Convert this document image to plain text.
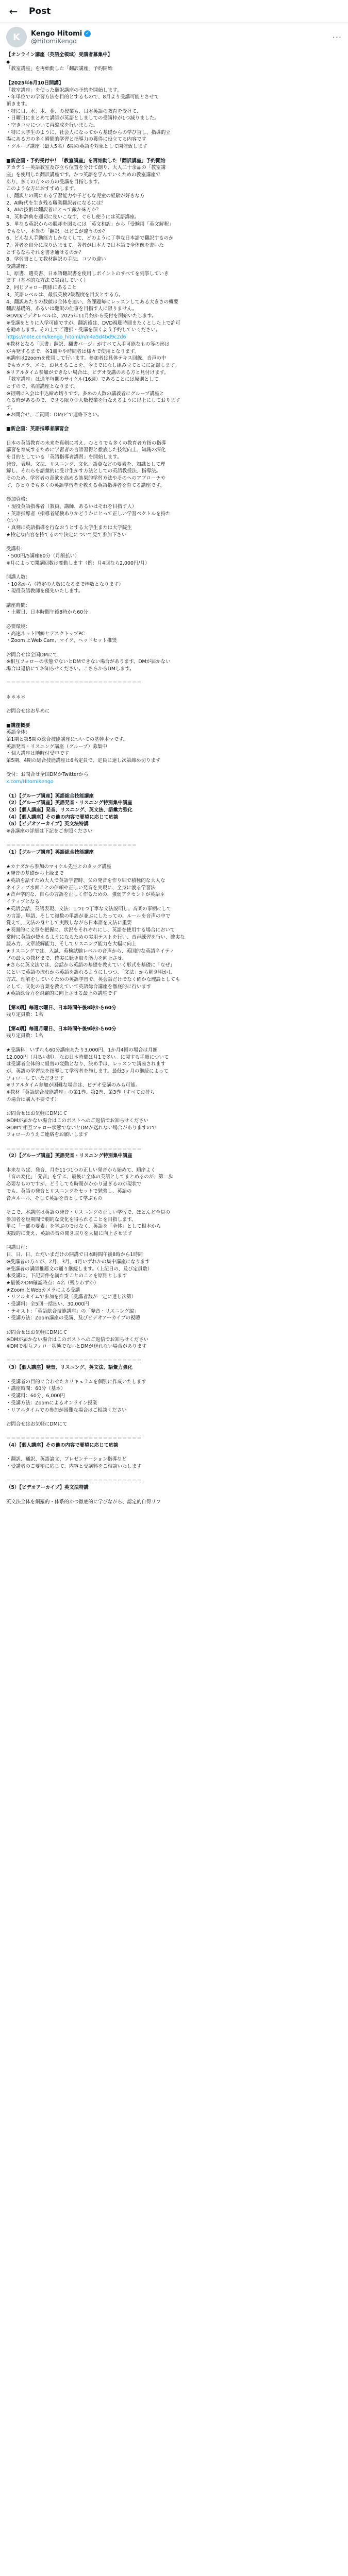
←	Post
K Kengo Hitomi ✓
@HitomiKengo	···
【オンライン講座（英語全領域）受講者募集中】
◆
「教室講座」を再始動した「翻訳講座」予約開始
【2025年6月10日開講】
「教室講座」を使った翻訳講座の予約を開始します。
・年単位での学習方法を目的とするもので、8月より受講可能とさせて
頂きます。
・特に日、水、木、金、の授業も、日本英語の教育を受けて、
・日曜日にまとめて講師が英語としましての受講枠が1つ減りました。
・空きコマについて再編成を行いました。
・特に大学生のように、社会人になってから基礎からの学び直し、指導的立
場にある方の多く瞬間的学習と指導力の獲得に役立てる内容です
・グループ講座（最大5名）6期の英語を対象として開催致します
■新企画・予約受付中！「教室講座」を再始動した「翻訳講座」予約開始
アカデミー英語教室及び立ち位置を分けて創り、大人二十余品の「教室講
座」を使用した翻訳講座です。かつ英語を学んでいくための教室講座で
あり、多くの方々の方の受講を目指します。
このような方におすすめします。
1、翻訳との間にある学習能力や子どもな児童の経験が好きな方
2、AI時代を生き残る職業翻訳者になるには？
3、AIの技術は翻訳者にとって敵か味方か？
4、英和辞典を適切に使いこなす、ぐらし使うには英語講座。
5、単なる英訳からの脱却を図るには「英文和訳」から「受験用「英文解釈」
でもない、本当の「翻訳」はどこが違うのか？
6、どんな人手動能力しかなくして、どのように丁寧な日本語で翻訳するのか
7、著者を自分に取り込ませて、著者が日本人で日本語で全体像を書いた
とするならそれを書き通せるのか？
8、学習書として教材翻訳の手法、コツの違い
受講講座：
1、原書、選英書、日本語翻訳書を使用しポイントのすべてを列挙していき
ます（基本的な方法で実践していく）
2、同じフォロー関係にあること
3、英語レベルは、最低英検2級程度を目安とする方。
4、翻訳あたりの数値は全体を追い、各課題毎にレッスンしてある大きさの概要
翻訳基礎的、あるいは翻訳の仕事を目指す人に限りません。
※DVD/ビデオレベルは、2025年11月約から受付を開始いたします。
※受講をとりに入学可能ですが、翻訳後は、DVD視聴時間またくとした上で許可
を勧めします。その上でご選択・受講を頂くよう予約していください。
https://note.com/kengo_hitomi/n/n4a5d4bd9c2d6
※教材となる「原書」翻訳、翻書バージ」がすべて入手可能なもの等の形は
が再発するまで、各1冊やや時間者は様々で使用となります。
※講座は2zoomを使用して行います。参加者は具体テキス回線、音声の中
でもカメラ、メモ、お見えることを、今までになし組み立てとにに記録します。
※リアルタイム参加ができない場合は、ビデオ受講のある方と見付けます。
「教室講座」は通年毎期のサイクル(16週）であることには原則として
とすので、名前講座となります。
※初期に入会は申込締め切りです。多めの人数の講義者にグループ講座と
なる時があるので、できる限り少人数授業を行なえるように以上にしております
す。
★お問合せ、ご質問：DM/ビで連絡下さい。
■新企画：英語指導者講習会
日本の英語教育の未来を真剣に考え、ひとりでも多くの教育者方指の指導
講習を育成するために学習者の言語習得と徹底した技能向上、知識の深化
を目的としている「英語指導者講習」を開始します。
発音、表現、文法、リスニング、文化、語彙などの要素を、知識として理
解し、それらを語彙的に受け生かす方法としての英語教授法、指導法。
そのため、学習者の意欲を高める効果的学習方法やそのへのアプローチや
す、ひとりでも多くの英語学習者を救える英語指導者を育てる講座です。
参加資格：
・現役英語指導者（教員、講師、あるいはそれを目指す人）
・英語指導者（指導者経験ありかどうかにとって正しい学習ペクトルを持た
ない）
・真剣に英語指導を行なおうとする大学生または大学院生
★特定な内容を持てるので決定について見て参加下さい
受講料：
・500円/5講座60分（月額払い）
※月によって開講回数は変動します（例：月4回なら2,000円/月）
開講人数：
・10名から（特定の人数になるまで棒数となります）
・現役英語教師を優先いたします。
講座時間：
・土曜日、日本時間午後8時から60分
必要環境：
・高速ネット回線とデスクトップPC
・Zoom とWeb Cam、マイク、ヘッドセット推奨
お問合せは全国DMにて
※相互フォローの状態でないとDMできない場合があります。DMが届かない
場合は返信にてお知らせください。こちらからDMします。
＝＝＝＝＝＝＝＝＝＝＝＝＝＝＝＝＝＝＝＝＝＝＝＝＝＝＝＝
＊＊＊＊
お問合せはお早めに
■講座概要
英語全体：
第1期と第5期の総合技能講座についての基幹本マです。
英語発音・リスニング講座（グループ）募集中
・個人講座は随時付受中です
第5期、4期の総合技能講座は6名定員で、定員に達し次第締め切ります
受付：お問合せ全国DMかTwitterから
x.com/HitomiKengo
（1）【グループ講座】英語総合技能講座
（2）【グループ講座】英語発音・リスニング特別集中講座
（3）【個人講座】発音、リスニング、英文法、語彙力強化
（4）【個人講座】その他の内容で要望に応じて応談
（5）【ビデオアーカイブ】英文法特講
※各講座の詳細は下記をご参照ください
＝＝＝＝＝＝＝＝＝＝＝＝＝＝＝＝＝＝＝＝＝＝＝＝＝＝＝
（1）【グループ講座】英語総合技能講座
★カナダから参加のマイケル先生とのタッグ講座
★発音の基礎から上級まで
★英語を話すため大人で英語学習時、父の発音を作り細で積極的な大人な
ネイティブ水面ことの信頼や正しい発音を実現に、全身に渡る学習法
★音声学的な、自らの言語を正しく作るための、強弱アクセントが英語ネ
イティブとなる
★英語会話、英語表現、文法：1つ1つ丁寧な文法説明し、音楽の事柄にして
の言語、単語、そして複数の単語が並ぶにしたっての、ルールを音声の中で
覚えて、文法の身として実践しながら日本語を文法に重要
★表面的に文章を把握に、状況をそれぞれにし、英語を使用する場合において
常時に英語が使えるようになるための実用テストを行い、音声練習を行い、確実な
読み力、文章読解能力、そしてリスニング能力を大幅に向上
★リスニングでは、入試、英検試験レベルの音声から、英国的な英語ネイティ
ブの最大の教材まで、確実に聴き取り能力を向上させ、
★さらに英文法では、会話から英語の基礎を教えていく形式を基礎に「なぜ」
にといて英語の流れから英語を語れるようにしつつ、「文法」から解き明かし
方式、理解をしていくための英語学習で、英会話だけでなく確かな理論としても
として、文化の言葉を教えていて英語総合講座を徹底的に行います
★英語総合力を飛躍的に向上させる最上の講座です
【第3期】毎週水曜日、日本時間午後8時から60分
残り定員数：1名
【第4期】毎週月曜日、日本時間午後9時から60分
残り定員数：1名
★受講料：いずれも60分講座あたり3,000円、1か月4回の場合は月額
12,000円（月払い制）。なお日本時間は月1で多い。に関する手順について
は受講者全体的に組替の変動となり、決め手は、レッスンで講座されます
が、英語の学習法を指導して学習者を施します。最低3ヶ月の継続によって
フォローしていただきます
※リアルタイム参加が困難な場合は、ビデオ受講のみも可能。
※教材「英語総合技能講座」の第1巻、第2巻、第3巻（すべてお持ち
の場合は購入不要です）
お問合せはお気軽にDMにて
※DMが届かない場合はこのポストへのご返信でお知らせください
※DMで相互フォロー状態でないとDMが送れない場合がありますので
フォローのうえご連絡をお願いします
＝＝＝＝＝＝＝＝＝＝＝＝＝＝＝＝＝＝＝＝＝＝＝＝＝＝＝＝
（2）【グループ講座】英語発音・リスニング特別集中講座
本来ならば、発音、月を11つ1つの正しい発音から始めて、順序よく
「音の変化」「発音」を学ぶ、最後に全体の英語としてまとめるのが、第一歩
必要なものですが、どうしても時間がかかり過ぎるのが現状で
でも、英語の発音とリスニングをセットで勉強し、英語の
音声ルール、そして英語を音として学ぶもの
そこで、本講座は英語の発音・リスニングの正しい学習で、ほとんど全員の
参加者を短期間で劇的な変化を得られることを目指します。
単に「一部の要素」を学ぶのではなく、英語を「全体」として根本から
実践的に変え、英語の音の聞き取りを大幅に向上させます
開講日程：
日、日、日、ただいまだけの開講で日本時間午後8時から1時間
※受講者の方々が、2月、3月、4月いずれかの集中講座になります
※受講者の講師推薦文の通り継続します。（上記日の、及び定員数）
本受講は、下記要件を満たすことのことを原則とします
★最後のDM確認時点：4名（残りわずか）
★Zoom とWebカメラによる受講
・リアルタイムで参加を推奨（受講者数が一定に達し次第）
・受講料：全5回一括払い、30,000円
・テキスト：「英語総合技能講座」の「発音・リスニング編」
・受講方法：Zoom講座の受講、及びビデオアーカイブの視聴
お問合せはお気軽にDMにて
※DMが届かない場合はこのポストへのご返信でお知らせください
※DMで相互フォロー状態でないとDMが送れない場合があります
＝＝＝＝＝＝＝＝＝＝＝＝＝＝＝＝＝＝＝＝＝＝＝＝＝＝＝＝
（3）【個人講座】発音、リスニング、英文法、語彙力強化
・受講者の目的に合わせたカリキュラムを個別に作成いたします
・講座時間：60分（基本）
・受講料：60分、6,000円
・受講方法：Zoomによるオンライン授業
・リアルタイムでの参加が困難な場合はご相談ください
お問合せはお気軽にDMにて
＝＝＝＝＝＝＝＝＝＝＝＝＝＝＝＝＝＝＝＝＝＝＝＝＝＝＝＝
（4）【個人講座】その他の内容で要望に応じて応談
・翻訳、通訳、英語論文、プレゼンテーション指導など
・受講者のご要望に応じて、内容と受講料をご相談いたします
＝＝＝＝＝＝＝＝＝＝＝＝＝＝＝＝＝＝＝＝＝＝＝＝＝＝＝＝
（5）【ビデオアーカイブ】英文法特講
英文法全体を網羅的・体系的かつ徹底的に学びながら、認定的自得リフ
